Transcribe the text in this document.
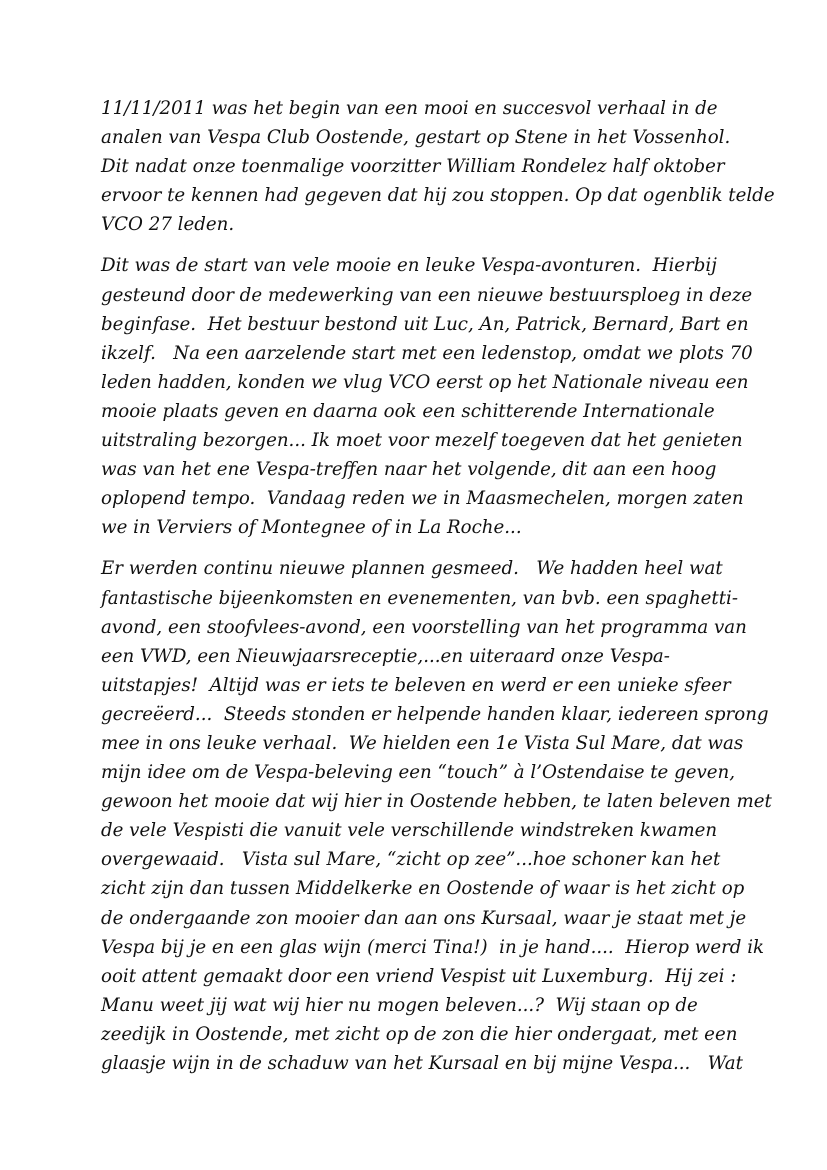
11/11/2011 was het begin van een mooi en succesvol verhaal in de
analen van Vespa Club Oostende, gestart op Stene in het Vossenhol.
Dit nadat onze toenmalige voorzitter William Rondelez half oktober
ervoor te kennen had gegeven dat hij zou stoppen. Op dat ogenblik telde
VCO 27 leden.
Dit was de start van vele mooie en leuke Vespa-avonturen.  Hierbij
gesteund door de medewerking van een nieuwe bestuursploeg in deze
beginfase.  Het bestuur bestond uit Luc, An, Patrick, Bernard, Bart en
ikzelf.   Na een aarzelende start met een ledenstop, omdat we plots 70
leden hadden, konden we vlug VCO eerst op het Nationale niveau een
mooie plaats geven en daarna ook een schitterende Internationale
uitstraling bezorgen... Ik moet voor mezelf toegeven dat het genieten
was van het ene Vespa-treffen naar het volgende, dit aan een hoog
oplopend tempo.  Vandaag reden we in Maasmechelen, morgen zaten
we in Verviers of Montegnee of in La Roche...
Er werden continu nieuwe plannen gesmeed.   We hadden heel wat
fantastische bijeenkomsten en evenementen, van bvb. een spaghetti-
avond, een stoofvlees-avond, een voorstelling van het programma van
een VWD, een Nieuwjaarsreceptie,...en uiteraard onze Vespa-
uitstapjes!  Altijd was er iets te beleven en werd er een unieke sfeer
gecreëerd...  Steeds stonden er helpende handen klaar, iedereen sprong
mee in ons leuke verhaal.  We hielden een 1e Vista Sul Mare, dat was
mijn idee om de Vespa-beleving een “touch” à l’Ostendaise te geven,
gewoon het mooie dat wij hier in Oostende hebben, te laten beleven met
de vele Vespisti die vanuit vele verschillende windstreken kwamen
overgewaaid.   Vista sul Mare, “zicht op zee”...hoe schoner kan het
zicht zijn dan tussen Middelkerke en Oostende of waar is het zicht op
de ondergaande zon mooier dan aan ons Kursaal, waar je staat met je
Vespa bij je en een glas wijn (merci Tina!)  in je hand....  Hierop werd ik
ooit attent gemaakt door een vriend Vespist uit Luxemburg.  Hij zei :
Manu weet jij wat wij hier nu mogen beleven...?  Wij staan op de
zeedijk in Oostende, met zicht op de zon die hier ondergaat, met een
glaasje wijn in de schaduw van het Kursaal en bij mijne Vespa...   Wat
